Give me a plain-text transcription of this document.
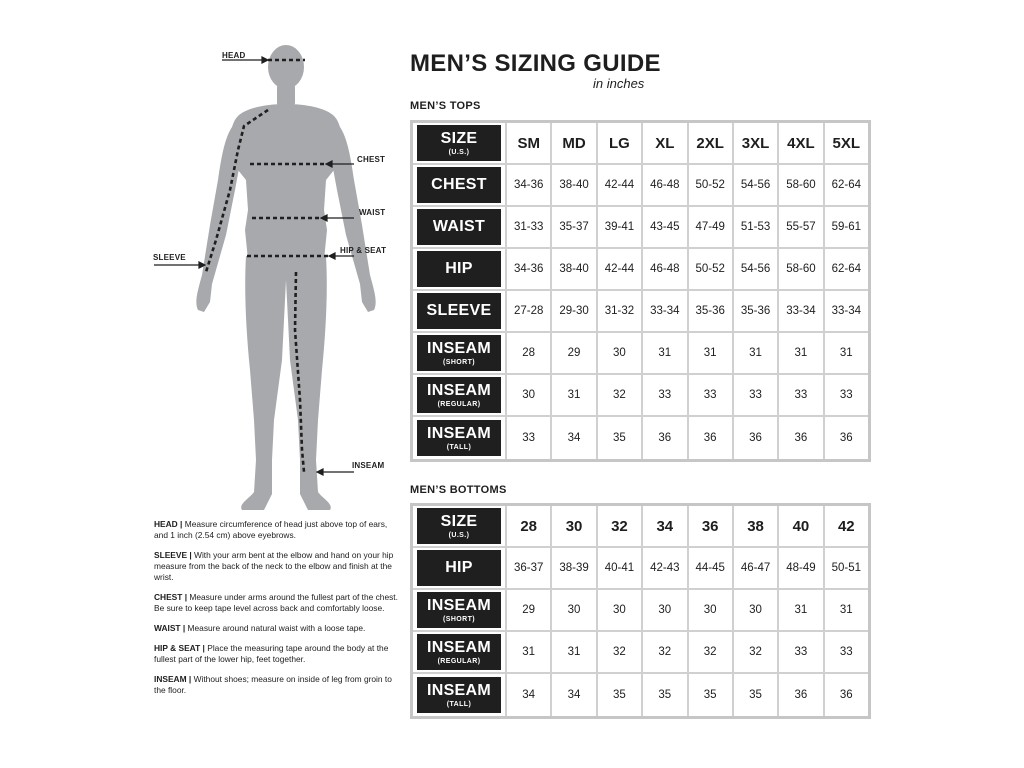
HEAD
CHEST
WAIST
HIP & SEAT
SLEEVE
INSEAM

HEAD | Measure circumference of head just above top of ears, and 1 inch (2.54 cm) above eyebrows.

SLEEVE | With your arm bent at the elbow and hand on your hip measure from the back of the neck to the elbow and finish at the wrist.

CHEST | Measure under arms around the fullest part of the chest. Be sure to keep tape level across back and comfortably loose.

WAIST | Measure around natural waist with a loose tape.

HIP & SEAT | Place the measuring tape around the body at the fullest part of the lower hip, feet together.

INSEAM | Without shoes; measure on inside of leg from groin to the floor.

MEN’S SIZING GUIDE
in inches
MEN’S TOPS
SIZE
(U.S.)
SM	MD	LG	XL	2XL	3XL	4XL	5XL
CHEST	34-36	38-40	42-44	46-48	50-52	54-56	58-60	62-64
WAIST	31-33	35-37	39-41	43-45	47-49	51-53	55-57	59-61
HIP	34-36	38-40	42-44	46-48	50-52	54-56	58-60	62-64
SLEEVE	27-28	29-30	31-32	33-34	35-36	35-36	33-34	33-34
INSEAM
(SHORT)
28	29	30	31	31	31	31	31
INSEAM
(REGULAR)
30	31	32	33	33	33	33	33
INSEAM
(TALL)
33	34	35	36	36	36	36	36
MEN’S BOTTOMS
SIZE
(U.S.)
28	30	32	34	36	38	40	42
HIP	36-37	38-39	40-41	42-43	44-45	46-47	48-49	50-51
INSEAM
(SHORT)
29	30	30	30	30	30	31	31
INSEAM
(REGULAR)
31	31	32	32	32	32	33	33
INSEAM
(TALL)
34	34	35	35	35	35	36	36
